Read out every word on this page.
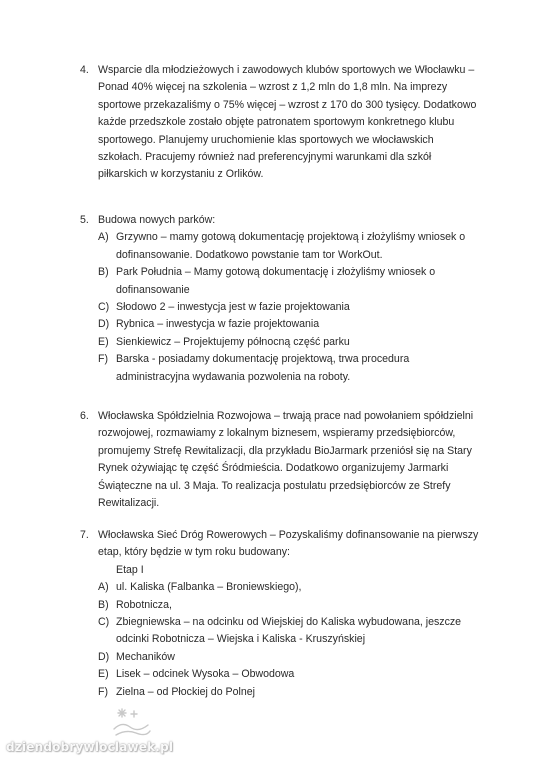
4. Wsparcie dla młodzieżowych i zawodowych klubów sportowych we Włocławku – Ponad 40% więcej na szkolenia – wzrost z 1,2 mln do 1,8 mln. Na imprezy sportowe przekazaliśmy o 75% więcej – wzrost z 170 do 300 tysięcy. Dodatkowo każde przedszkole zostało objęte patronatem sportowym konkretnego klubu sportowego. Planujemy uruchomienie klas sportowych we włocławskich szkołach. Pracujemy również nad preferencyjnymi warunkami dla szkół piłkarskich w korzystaniu z Orlików.
5. Budowa nowych parków:
A) Grzywno – mamy gotową dokumentację projektową i złożyliśmy wniosek o dofinansowanie. Dodatkowo powstanie tam tor WorkOut.
B) Park Południa – Mamy gotową dokumentację i złożyliśmy wniosek o dofinansowanie
C) Słodowo 2 – inwestycja jest w fazie projektowania
D) Rybnica – inwestycja w fazie projektowania
E) Sienkiewicz – Projektujemy północną część parku
F) Barska - posiadamy dokumentację projektową, trwa procedura administracyjna wydawania pozwolenia na roboty.
6. Włocławska Spółdzielnia Rozwojowa – trwają prace nad powołaniem spółdzielni rozwojowej, rozmawiamy z lokalnym biznesem, wspieramy przedsiębiorców, promujemy Strefę Rewitalizacji, dla przykładu BioJarmark przeniósł się na Stary Rynek ożywiając tę część Śródmieścia. Dodatkowo organizujemy Jarmarki Świąteczne na ul. 3 Maja. To realizacja postulatu przedsiębiorców ze Strefy Rewitalizacji.
7. Włocławska Sieć Dróg Rowerowych – Pozyskaliśmy dofinansowanie na pierwszy etap, który będzie w tym roku budowany:
Etap I
A) ul. Kaliska (Falbanka – Broniewskiego),
B) Robotnicza,
C) Zbiegniewska – na odcinku od Wiejskiej do Kaliska wybudowana, jeszcze odcinki Robotnicza – Wiejska i Kaliska - Kruszyńskiej
D) Mechaników
E) Lisek – odcinek Wysoka – Obwodowa
F) Zielna – od Płockiej do Polnej
dziendobrywloclawek.pl
